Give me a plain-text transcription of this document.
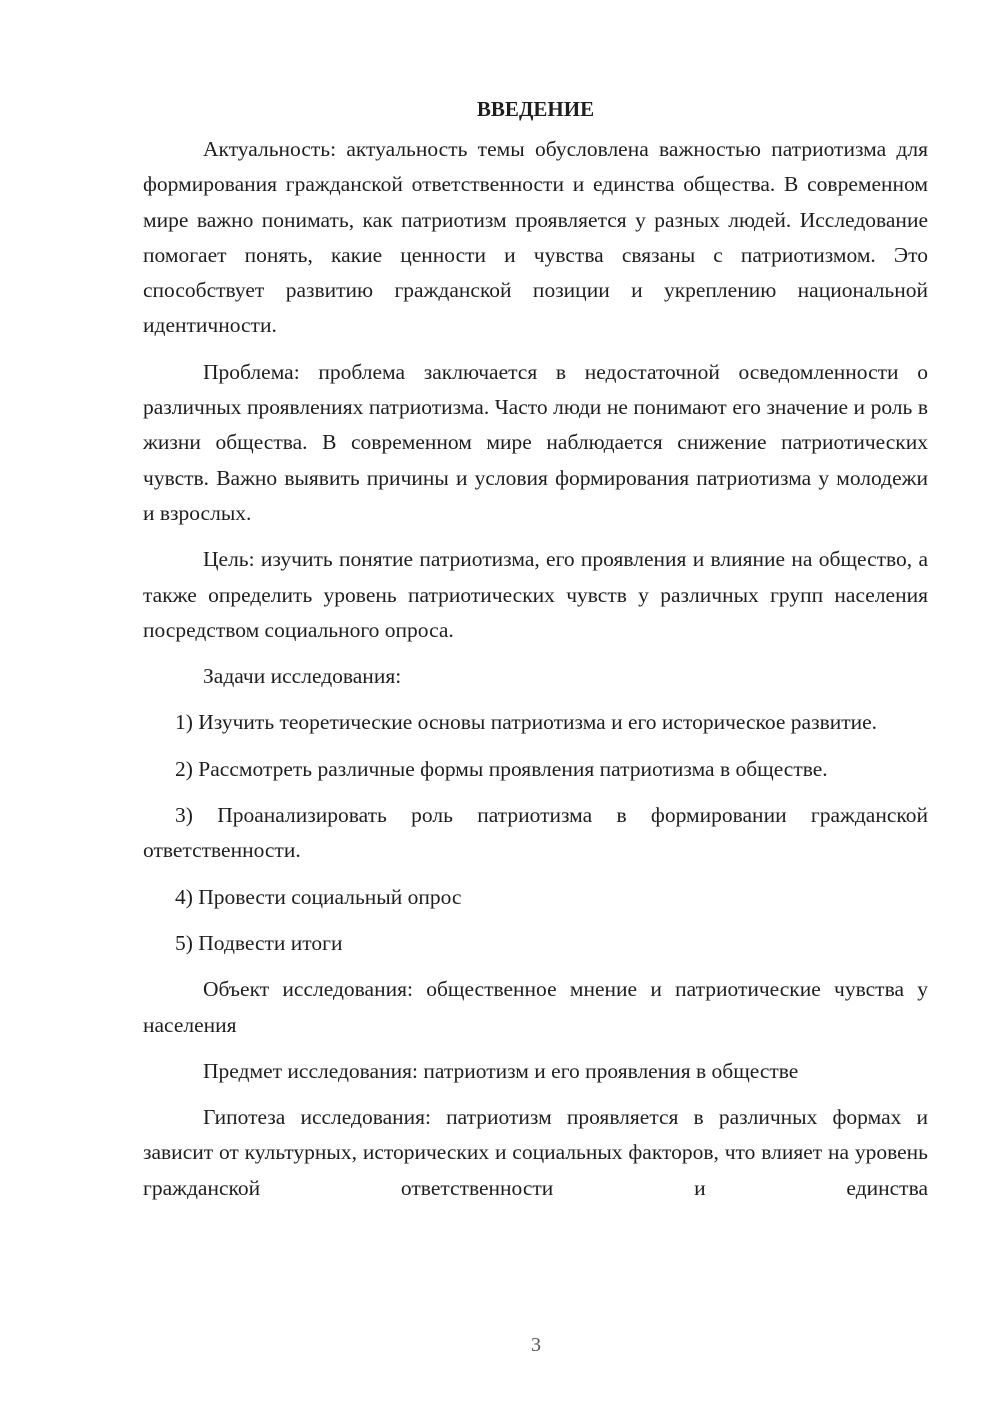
ВВЕДЕНИЕ

Актуальность: актуальность темы обусловлена важностью патриотизма для формирования гражданской ответственности и единства общества. В современном мире важно понимать, как патриотизм проявляется у разных людей. Исследование помогает понять, какие ценности и чувства связаны с патриотизмом. Это способствует развитию гражданской позиции и укреплению национальной идентичности.

Проблема: проблема заключается в недостаточной осведомленности о различных проявлениях патриотизма. Часто люди не понимают его значение и роль в жизни общества. В современном мире наблюдается снижение патриотических чувств. Важно выявить причины и условия формирования патриотизма у молодежи и взрослых.

Цель: изучить понятие патриотизма, его проявления и влияние на общество, а также определить уровень патриотических чувств у различных групп населения посредством социального опроса.

Задачи исследования:

1) Изучить теоретические основы патриотизма и его историческое развитие.

2) Рассмотреть различные формы проявления патриотизма в обществе.

3) Проанализировать роль патриотизма в формировании гражданской ответственности.

4) Провести социальный опрос

5) Подвести итоги

Объект исследования: общественное мнение и патриотические чувства у населения

Предмет исследования: патриотизм и его проявления в обществе

Гипотеза исследования: патриотизм проявляется в различных формах и зависит от культурных, исторических и социальных факторов, что влияет на уровень гражданской ответственности и единства

3
